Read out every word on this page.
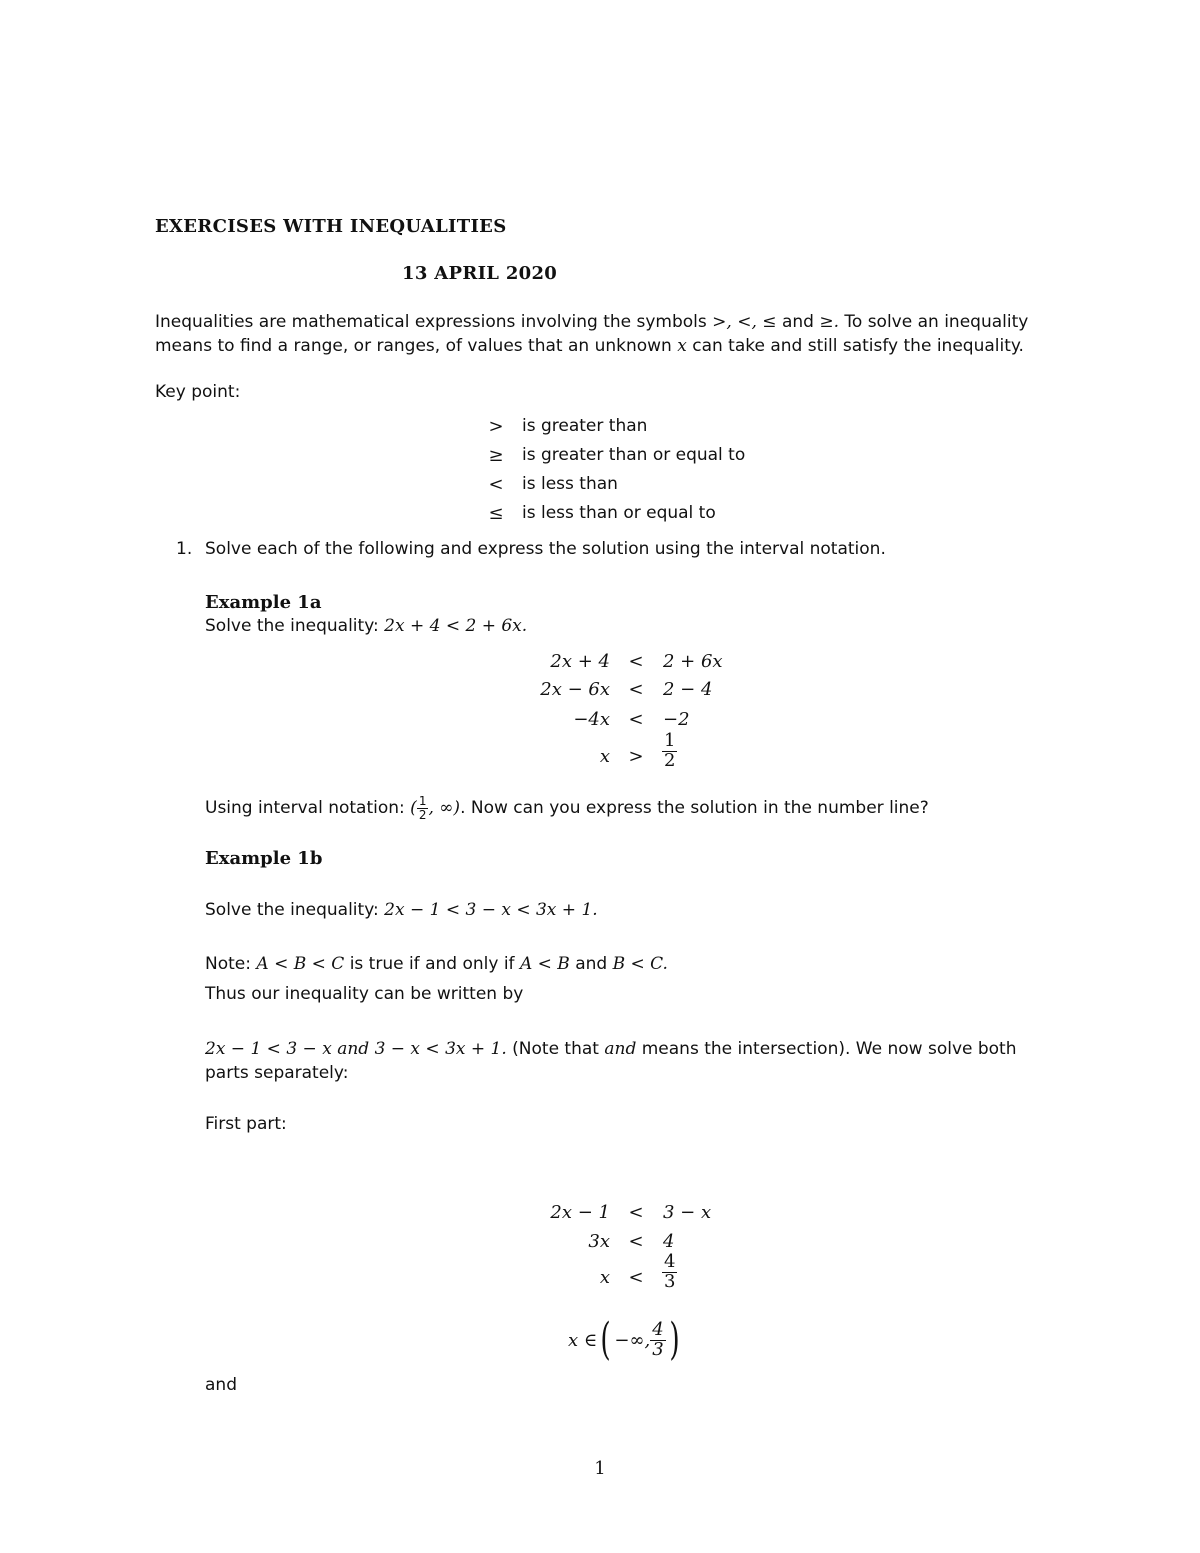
EXERCISES WITH INEQUALITIES
13 APRIL 2020
Inequalities are mathematical expressions involving the symbols >, <, ≤ and ≥. To solve an inequality means to find a range, or ranges, of values that an unknown x can take and still satisfy the inequality.
Key point:
> is greater than
≥ is greater than or equal to
< is less than
≤ is less than or equal to
1. Solve each of the following and express the solution using the interval notation.
Example 1a
Solve the inequality: 2x + 4 < 2 + 6x.
2x + 4	<	2 + 6x
2x − 6x	<	2 − 4
−4x	<	−2
x	>	$\frac{1}{2}$
Using interval notation: ( $\frac{1}{2}$ , ∞). Now can you express the solution in the number line?
Example 1b
Solve the inequality: 2x − 1 < 3 − x < 3x + 1.
Note: A < B < C is true if and only if A < B and B < C.
Thus our inequality can be written by
2x − 1 < 3 − x and 3 − x < 3x + 1. (Note that and means the intersection). We now solve both parts separately:
First part:
2x − 1	<	3 − x
3x	<	4
x	<	$\frac{4}{3}$
x ∈ ( −∞, $\frac{4}{3}$ )
and
1
